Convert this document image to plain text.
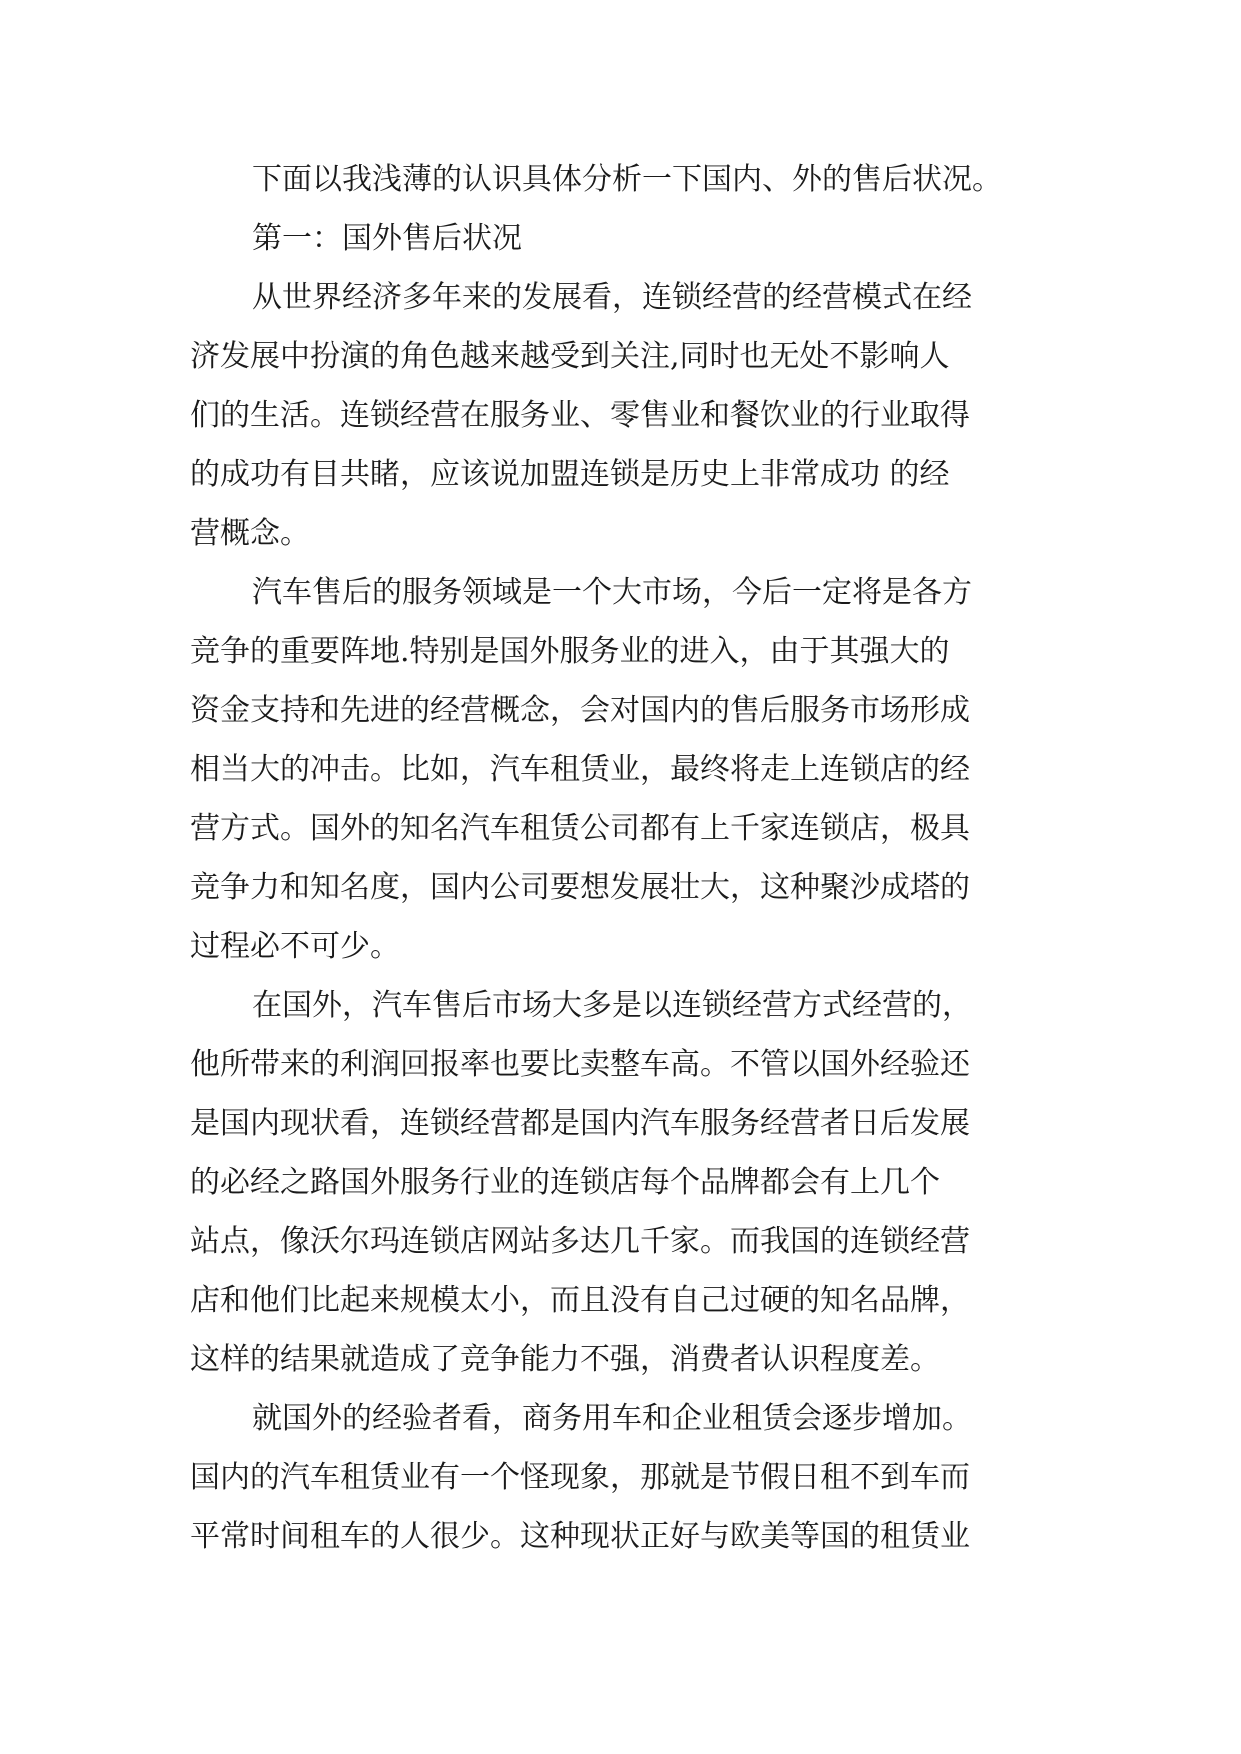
下面以我浅薄的认识具体分析一下国内、外的售后状况。
第一：国外售后状况
从世界经济多年来的发展看，连锁经营的经营模式在经
济发展中扮演的角色越来越受到关注,同时也无处不影响人
们的生活。连锁经营在服务业、零售业和餐饮业的行业取得
的成功有目共睹，应该说加盟连锁是历史上非常成功 的经
营概念。
汽车售后的服务领域是一个大市场，今后一定将是各方
竞争的重要阵地.特别是国外服务业的进入，由于其强大的
资金支持和先进的经营概念，会对国内的售后服务市场形成
相当大的冲击。比如，汽车租赁业，最终将走上连锁店的经
营方式。国外的知名汽车租赁公司都有上千家连锁店，极具
竞争力和知名度，国内公司要想发展壮大，这种聚沙成塔的
过程必不可少。
在国外，汽车售后市场大多是以连锁经营方式经营的，
他所带来的利润回报率也要比卖整车高。不管以国外经验还
是国内现状看，连锁经营都是国内汽车服务经营者日后发展
的必经之路国外服务行业的连锁店每个品牌都会有上几个
站点，像沃尔玛连锁店网站多达几千家。而我国的连锁经营
店和他们比起来规模太小，而且没有自己过硬的知名品牌，
这样的结果就造成了竞争能力不强，消费者认识程度差。
就国外的经验者看，商务用车和企业租赁会逐步增加。
国内的汽车租赁业有一个怪现象，那就是节假日租不到车而
平常时间租车的人很少。这种现状正好与欧美等国的租赁业
